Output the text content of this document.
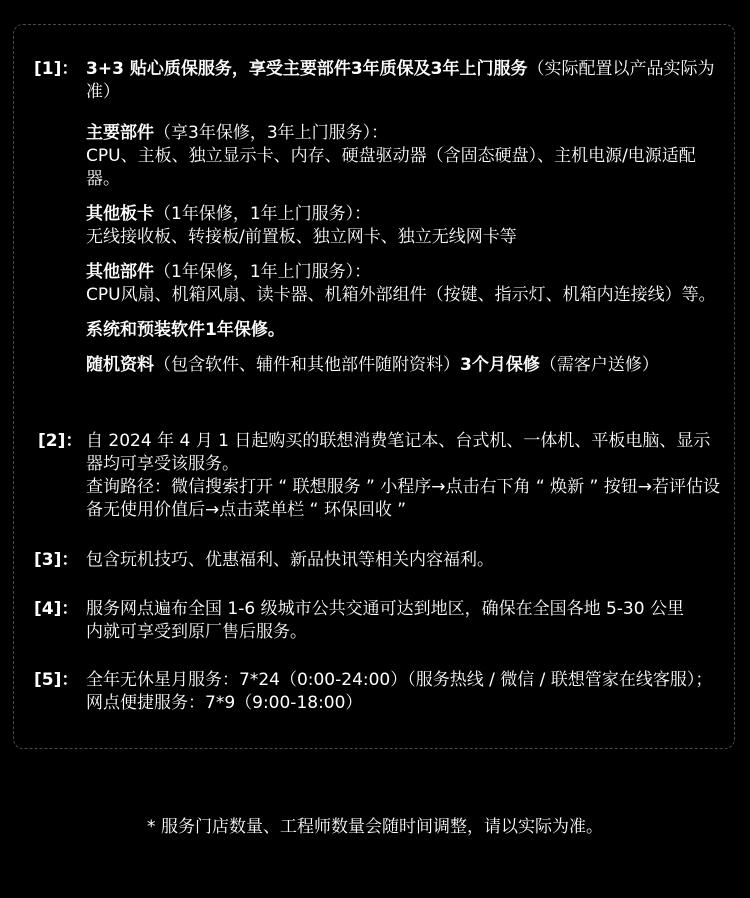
[1]： 3+3 贴心质保服务，享受主要部件3年质保及3年上门服务（实际配置以产品实际为准）

主要部件（享3年保修，3年上门服务）：
CPU、主板、独立显示卡、内存、硬盘驱动器（含固态硬盘）、主机电源/电源适配器。

其他板卡（1年保修，1年上门服务）：
无线接收板、转接板/前置板、独立网卡、独立无线网卡等

其他部件（1年保修，1年上门服务）：
CPU风扇、机箱风扇、读卡器、机箱外部组件（按键、指示灯、机箱内连接线）等。

系统和预装软件1年保修。

随机资料（包含软件、辅件和其他部件随附资料）3个月保修（需客户送修）

[2]： 自 2024 年 4 月 1 日起购买的联想消费笔记本、台式机、一体机、平板电脑、显示器均可享受该服务。

查询路径：微信搜索打开 “ 联想服务 ” 小程序→点击右下角 “ 焕新 ” 按钮→若评估设备无使用价值后→点击菜单栏 “ 环保回收 ”

[3]： 包含玩机技巧、优惠福利、新品快讯等相关内容福利。

[4]： 服务网点遍布全国 1-6 级城市公共交通可达到地区，确保在全国各地 5-30 公里内就可享受到原厂售后服务。

[5]： 全年无休星月服务：7*24（0:00-24:00）（服务热线 / 微信 / 联想管家在线客服）；网点便捷服务：7*9（9:00-18:00）

* 服务门店数量、工程师数量会随时间调整，请以实际为准。
